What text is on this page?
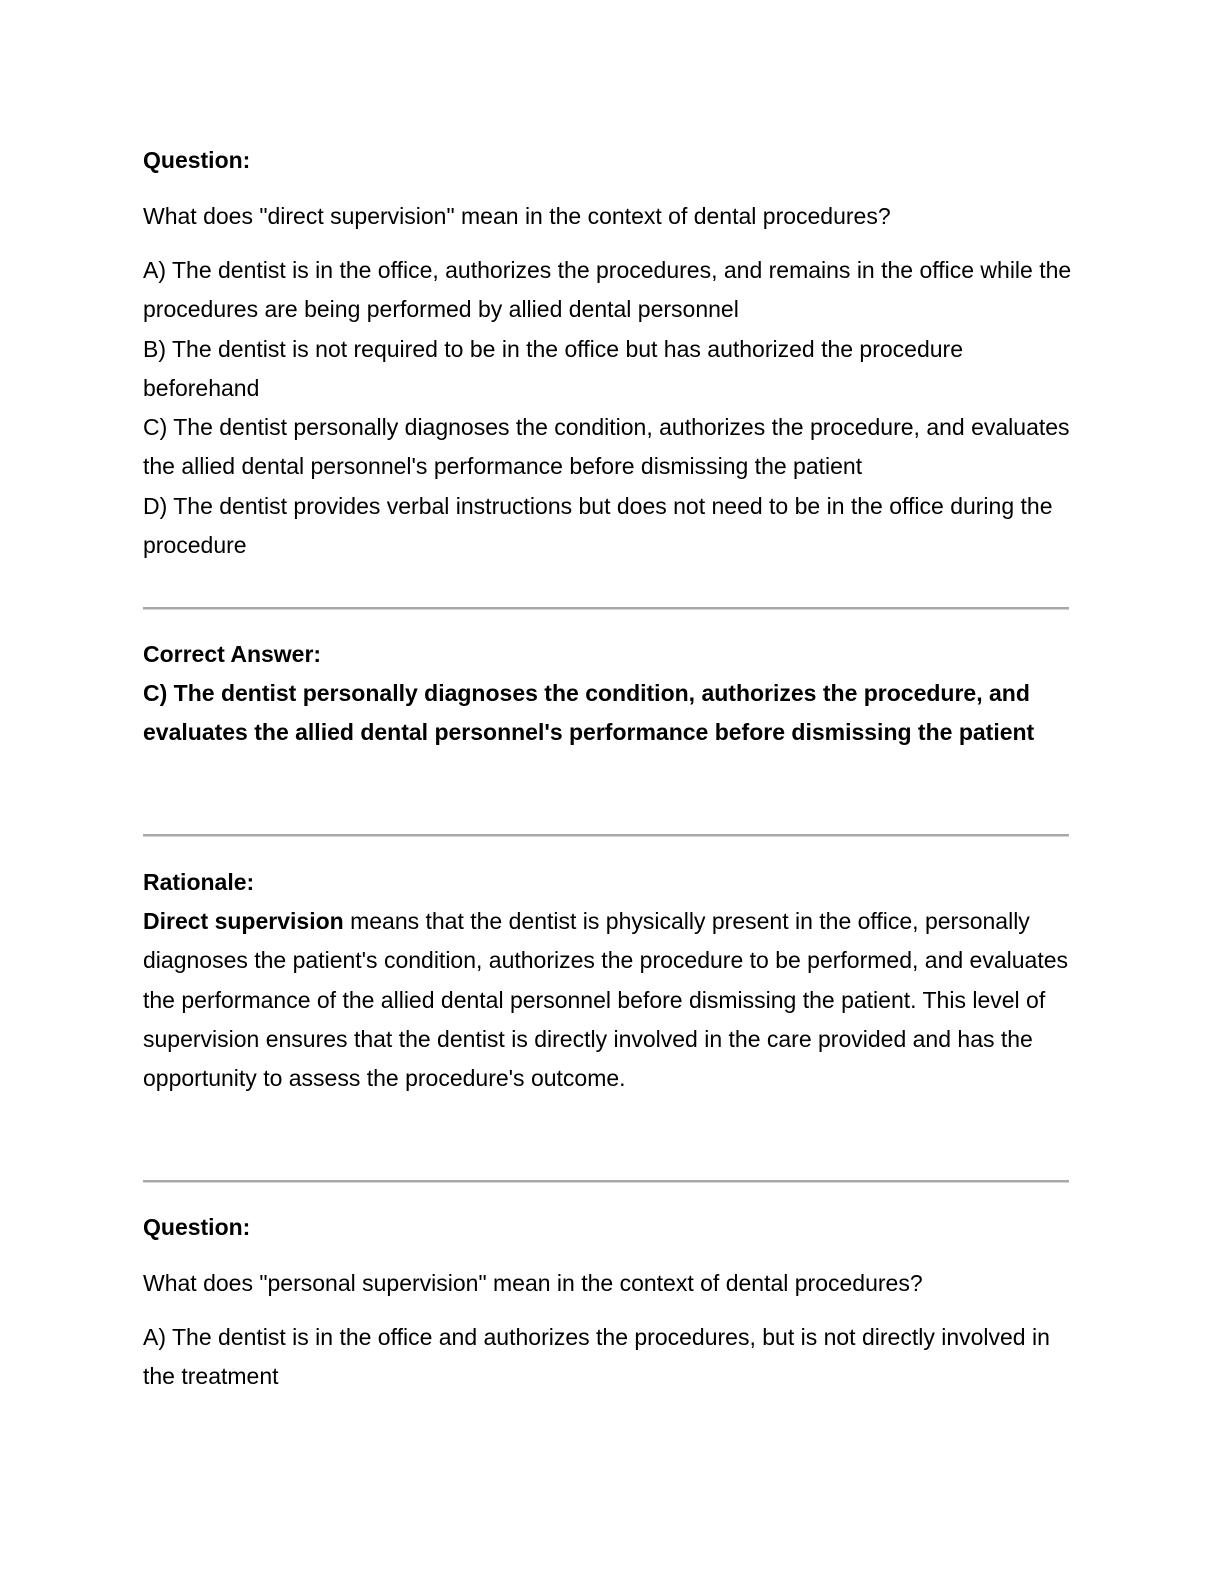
Question:

What does "direct supervision" mean in the context of dental procedures?

A) The dentist is in the office, authorizes the procedures, and remains in the office while the procedures are being performed by allied dental personnel
B) The dentist is not required to be in the office but has authorized the procedure beforehand
C) The dentist personally diagnoses the condition, authorizes the procedure, and evaluates the allied dental personnel's performance before dismissing the patient
D) The dentist provides verbal instructions but does not need to be in the office during the procedure

Correct Answer:

C) The dentist personally diagnoses the condition, authorizes the procedure, and evaluates the allied dental personnel's performance before dismissing the patient

Rationale:

Direct supervision means that the dentist is physically present in the office, personally diagnoses the patient's condition, authorizes the procedure to be performed, and evaluates the performance of the allied dental personnel before dismissing the patient. This level of supervision ensures that the dentist is directly involved in the care provided and has the opportunity to assess the procedure's outcome.

Question:

What does "personal supervision" mean in the context of dental procedures?

A) The dentist is in the office and authorizes the procedures, but is not directly involved in the treatment
